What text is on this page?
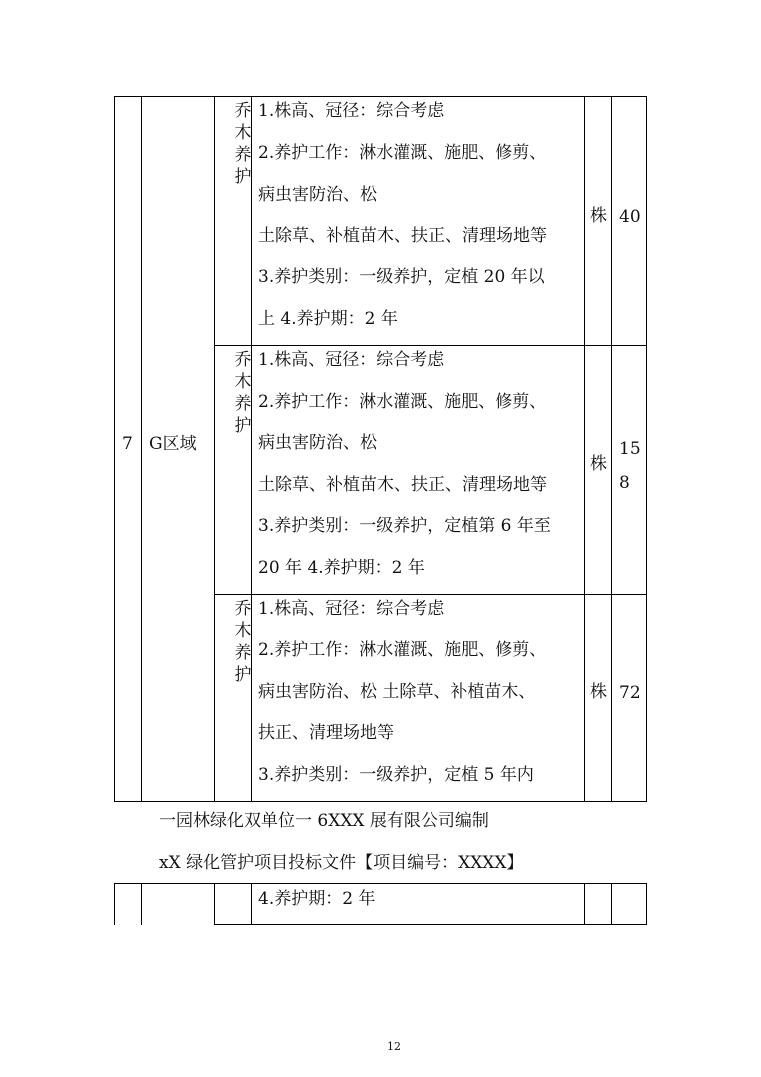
7 G区域
乔
木
养
护
1.株高、冠径：综合考虑
2.养护工作：淋水灌溉、施肥、修剪、
病虫害防治、松
土除草、补植苗木、扶正、清理场地等
3.养护类别：一级养护，定植 20 年以
上 4.养护期：2 年
株 40
乔
木
养
护
1.株高、冠径：综合考虑
2.养护工作：淋水灌溉、施肥、修剪、
病虫害防治、松
土除草、补植苗木、扶正、清理场地等
3.养护类别：一级养护，定植第 6 年至
20 年 4.养护期：2 年
株
15
8
乔
木
养
护
1.株高、冠径：综合考虑
2.养护工作：淋水灌溉、施肥、修剪、
病虫害防治、松 土除草、补植苗木、
扶正、清理场地等
3.养护类别：一级养护，定植 5 年内
株 72
一园林绿化双单位一 6XXX 展有限公司编制
xX 绿化管护项目投标文件【项目编号：XXXX】
4.养护期：2 年
12
